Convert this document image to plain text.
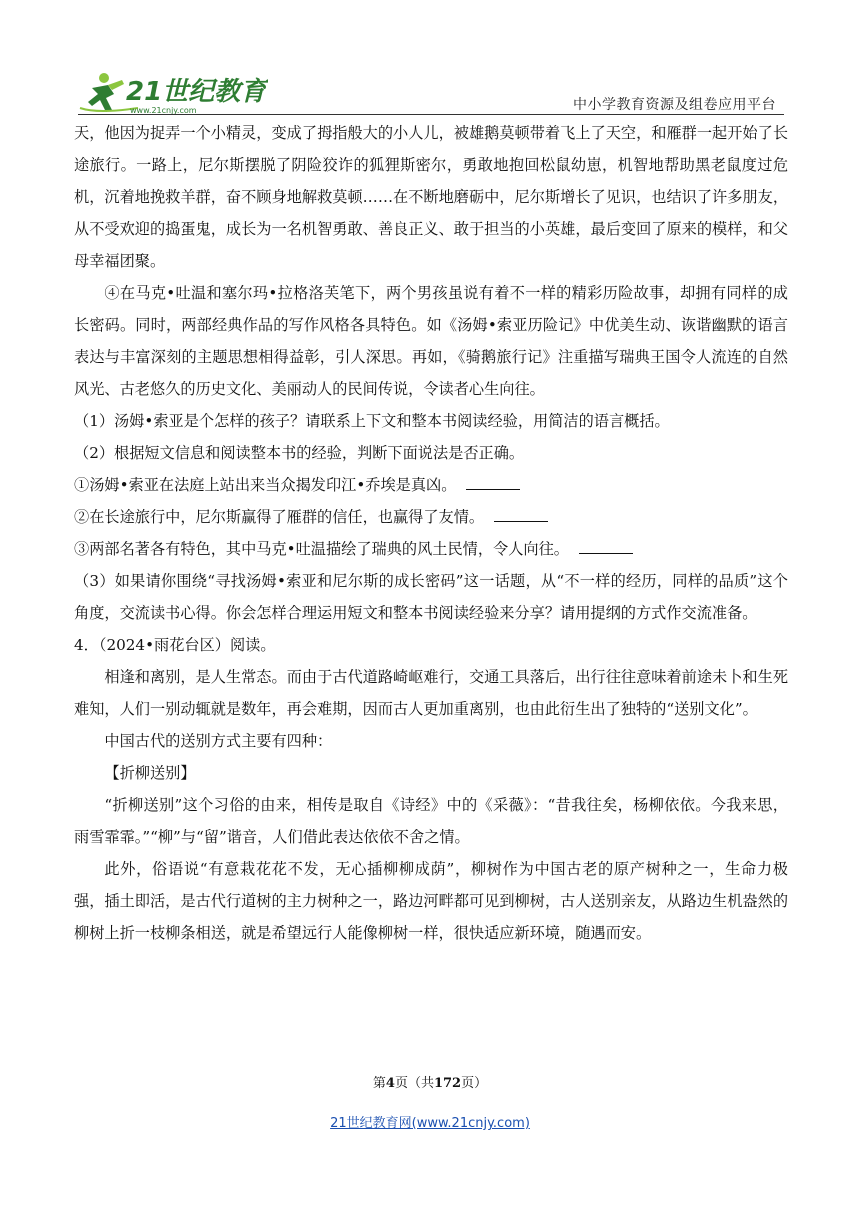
21世纪教育
www.21cnjy.com	中小学教育资源及组卷应用平台

天，他因为捉弄一个小精灵，变成了拇指般大的小人儿，被雄鹅莫顿带着飞上了天空，和雁群一起开始了长途旅行。一路上，尼尔斯摆脱了阴险狡诈的狐狸斯密尔，勇敢地抱回松鼠幼崽，机智地帮助黑老鼠度过危机，沉着地挽救羊群，奋不顾身地解救莫顿……在不断地磨砺中，尼尔斯增长了见识，也结识了许多朋友，从不受欢迎的捣蛋鬼，成长为一名机智勇敢、善良正义、敢于担当的小英雄，最后变回了原来的模样，和父母幸福团聚。

④在马克•吐温和塞尔玛•拉格洛芙笔下，两个男孩虽说有着不一样的精彩历险故事，却拥有同样的成长密码。同时，两部经典作品的写作风格各具特色。如《汤姆•索亚历险记》中优美生动、诙谐幽默的语言表达与丰富深刻的主题思想相得益彰，引人深思。再如，《骑鹅旅行记》注重描写瑞典王国令人流连的自然风光、古老悠久的历史文化、美丽动人的民间传说，令读者心生向往。

（1）汤姆•索亚是个怎样的孩子？请联系上下文和整本书阅读经验，用简洁的语言概括。

（2）根据短文信息和阅读整本书的经验，判断下面说法是否正确。

①汤姆•索亚在法庭上站出来当众揭发印江•乔埃是真凶。

②在长途旅行中，尼尔斯赢得了雁群的信任，也赢得了友情。

③两部名著各有特色，其中马克•吐温描绘了瑞典的风土民情，令人向往。

（3）如果请你围绕“寻找汤姆•索亚和尼尔斯的成长密码”这一话题，从“不一样的经历，同样的品质”这个角度，交流读书心得。你会怎样合理运用短文和整本书阅读经验来分享？请用提纲的方式作交流准备。

4．（2024•雨花台区）阅读。

相逢和离别，是人生常态。而由于古代道路崎岖难行，交通工具落后，出行往往意味着前途未卜和生死难知，人们一别动辄就是数年，再会难期，因而古人更加重离别，也由此衍生出了独特的“送别文化”。

中国古代的送别方式主要有四种：

【折柳送别】

“折柳送别”这个习俗的由来，相传是取自《诗经》中的《采薇》：“昔我往矣，杨柳依依。今我来思，雨雪霏霏。”“柳”与“留”谐音，人们借此表达依依不舍之情。

此外，俗语说“有意栽花花不发，无心插柳柳成荫”，柳树作为中国古老的原产树种之一，生命力极强，插土即活，是古代行道树的主力树种之一，路边河畔都可见到柳树，古人送别亲友，从路边生机盎然的柳树上折一枝柳条相送，就是希望远行人能像柳树一样，很快适应新环境，随遇而安。

第4页（共172页）
21世纪教育网(www.21cnjy.com)
